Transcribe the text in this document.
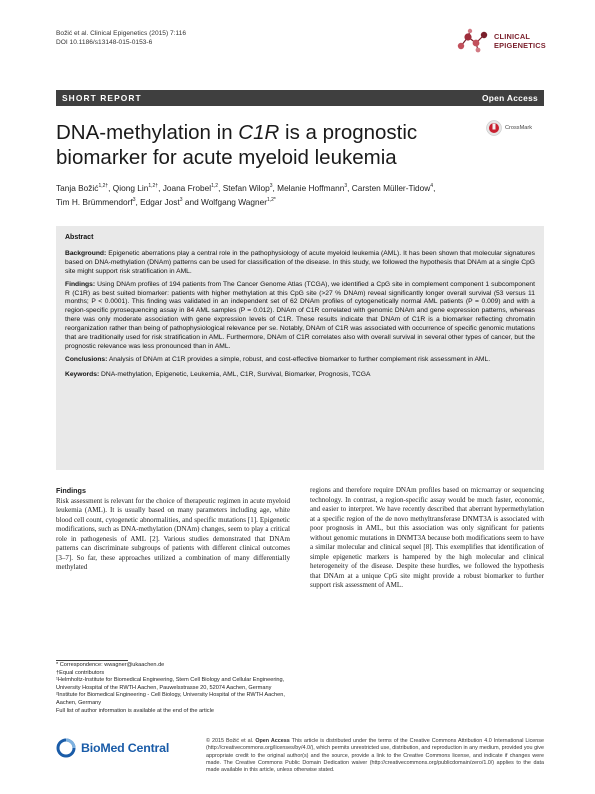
Božić et al. Clinical Epigenetics (2015) 7:116
DOI 10.1186/s13148-015-0153-6
CLINICAL
EPIGENETICS
SHORT REPORT	Open Access
DNA-methylation in C1R is a prognostic
biomarker for acute myeloid leukemia
CrossMark
Tanja Božić$^{1,2\dagger}$, Qiong Lin$^{1,2\dagger}$, Joana Frobel$^{1,2}$, Stefan Wilop$^3$, Melanie Hoffmann$^3$, Carsten Müller-Tidow$^4$,
Tim H. Brümmendorf$^3$, Edgar Jost$^3$ and Wolfgang Wagner$^{1,2*}$

Abstract

Background: Epigenetic aberrations play a central role in the pathophysiology of acute myeloid leukemia (AML). It has been shown that molecular signatures based on DNA-methylation (DNAm) patterns can be used for classification of the disease. In this study, we followed the hypothesis that DNAm at a single CpG site might support risk stratification in AML.

Findings: Using DNAm profiles of 194 patients from The Cancer Genome Atlas (TCGA), we identified a CpG site in complement component 1 subcomponent R (C1R) as best suited biomarker: patients with higher methylation at this CpG site (>27 % DNAm) reveal significantly longer overall survival (53 versus 11 months; P < 0.0001). This finding was validated in an independent set of 62 DNAm profiles of cytogenetically normal AML patients (P = 0.009) and with a region-specific pyrosequencing assay in 84 AML samples (P = 0.012). DNAm of C1R correlated with genomic DNAm and gene expression patterns, whereas there was only moderate association with gene expression levels of C1R. These results indicate that DNAm of C1R is a biomarker reflecting chromatin reorganization rather than being of pathophysiological relevance per se. Notably, DNAm of C1R was associated with occurrence of specific genomic mutations that are traditionally used for risk stratification in AML. Furthermore, DNAm of C1R correlates also with overall survival in several other types of cancer, but the prognostic relevance was less pronounced than in AML.

Conclusions: Analysis of DNAm at C1R provides a simple, robust, and cost-effective biomarker to further complement risk assessment in AML.

Keywords: DNA-methylation, Epigenetic, Leukemia, AML, C1R, Survival, Biomarker, Prognosis, TCGA

Findings

Risk assessment is relevant for the choice of therapeutic regimen in acute myeloid leukemia (AML). It is usually based on many parameters including age, white blood cell count, cytogenetic abnormalities, and specific mutations [1]. Epigenetic modifications, such as DNA-methylation (DNAm) changes, seem to play a critical role in pathogenesis of AML [2]. Various studies demonstrated that DNAm patterns can discriminate subgroups of patients with different clinical outcomes [3–7]. So far, these approaches utilized a combination of many differentially methylated

regions and therefore require DNAm profiles based on microarray or sequencing technology. In contrast, a region-specific assay would be much faster, economic, and easier to interpret. We have recently described that aberrant hypermethylation at a specific region of the de novo methyltransferase DNMT3A is associated with poor prognosis in AML, but this association was only significant for patients without genomic mutations in DNMT3A because both modifications seem to have a similar molecular and clinical sequel [8]. This exemplifies that identification of simple epigenetic markers is hampered by the high molecular and clinical heterogeneity of the disease. Despite these hurdles, we followed the hypothesis that DNAm at a unique CpG site might provide a robust biomarker to further support risk assessment of AML.

* Correspondence: wwagner@ukaachen.de
†Equal contributors
¹Helmholtz-Institute for Biomedical Engineering, Stem Cell Biology and Cellular Engineering, University Hospital of the RWTH Aachen, Pauwelsstrasse 20, 52074 Aachen, Germany
²Institute for Biomedical Engineering - Cell Biology, University Hospital of the RWTH Aachen, Aachen, Germany
Full list of author information is available at the end of the article
BioMed Central	© 2015 Božić et al. Open Access This article is distributed under the terms of the Creative Commons Attribution 4.0 International License (http://creativecommons.org/licenses/by/4.0/), which permits unrestricted use, distribution, and reproduction in any medium, provided you give appropriate credit to the original author(s) and the source, provide a link to the Creative Commons license, and indicate if changes were made. The Creative Commons Public Domain Dedication waiver (http://creativecommons.org/publicdomain/zero/1.0/) applies to the data made available in this article, unless otherwise stated.
